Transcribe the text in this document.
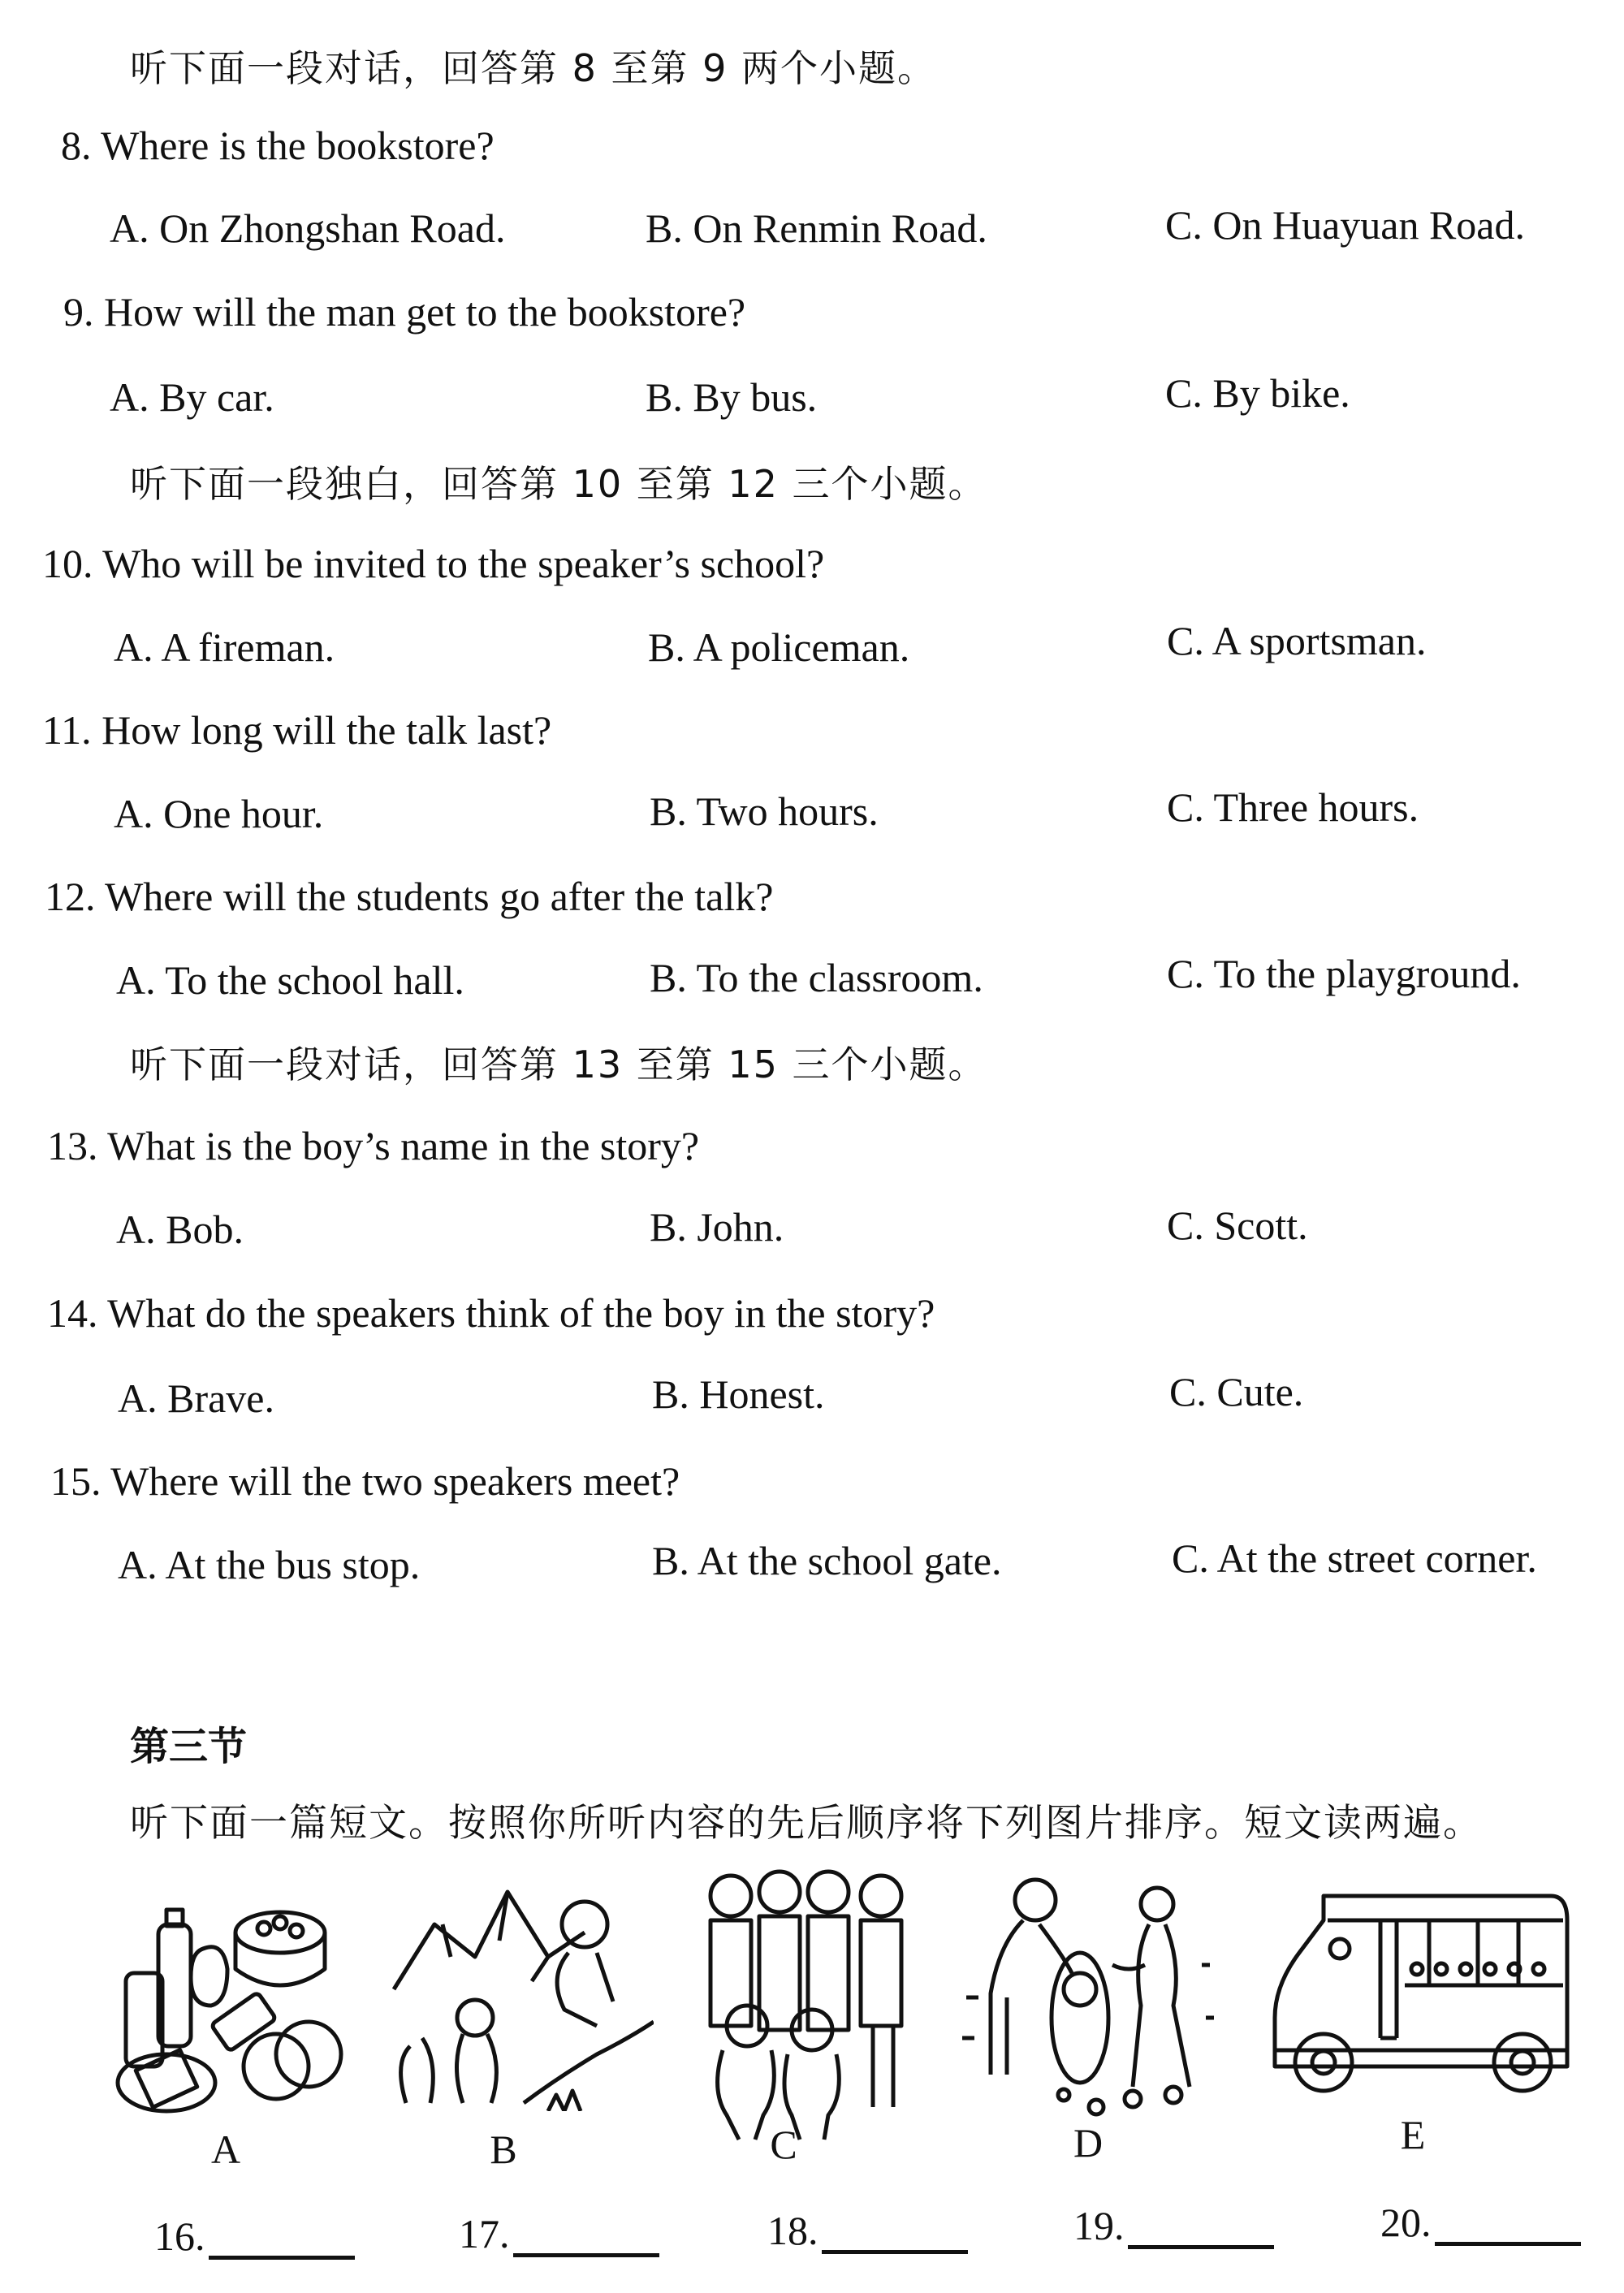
听下面一段对话，回答第 8 至第 9 两个小题。
8. Where is the bookstore?
A. On Zhongshan Road.	B. On Renmin Road.	C. On Huayuan Road.
9. How will the man get to the bookstore?
A. By car.	B. By bus.	C. By bike.
听下面一段独白，回答第 10 至第 12 三个小题。
10. Who will be invited to the speaker’s school?
A. A fireman.	B. A policeman.	C. A sportsman.
11. How long will the talk last?
A. One hour.	B. Two hours.	C. Three hours.
12. Where will the students go after the talk?
A. To the school hall.	B. To the classroom.	C. To the playground.
听下面一段对话，回答第 13 至第 15 三个小题。
13. What is the boy’s name in the story?
A. Bob.	B. John.	C. Scott.
14. What do the speakers think of the boy in the story?
A. Brave.	B. Honest.	C. Cute.
15. Where will the two speakers meet?
A. At the bus stop.	B. At the school gate.	C. At the street corner.
第三节
听下面一篇短文。按照你所听内容的先后顺序将下列图片排序。短文读两遍。
A	B	C	D	E
16.	17.	18.	19.	20.
